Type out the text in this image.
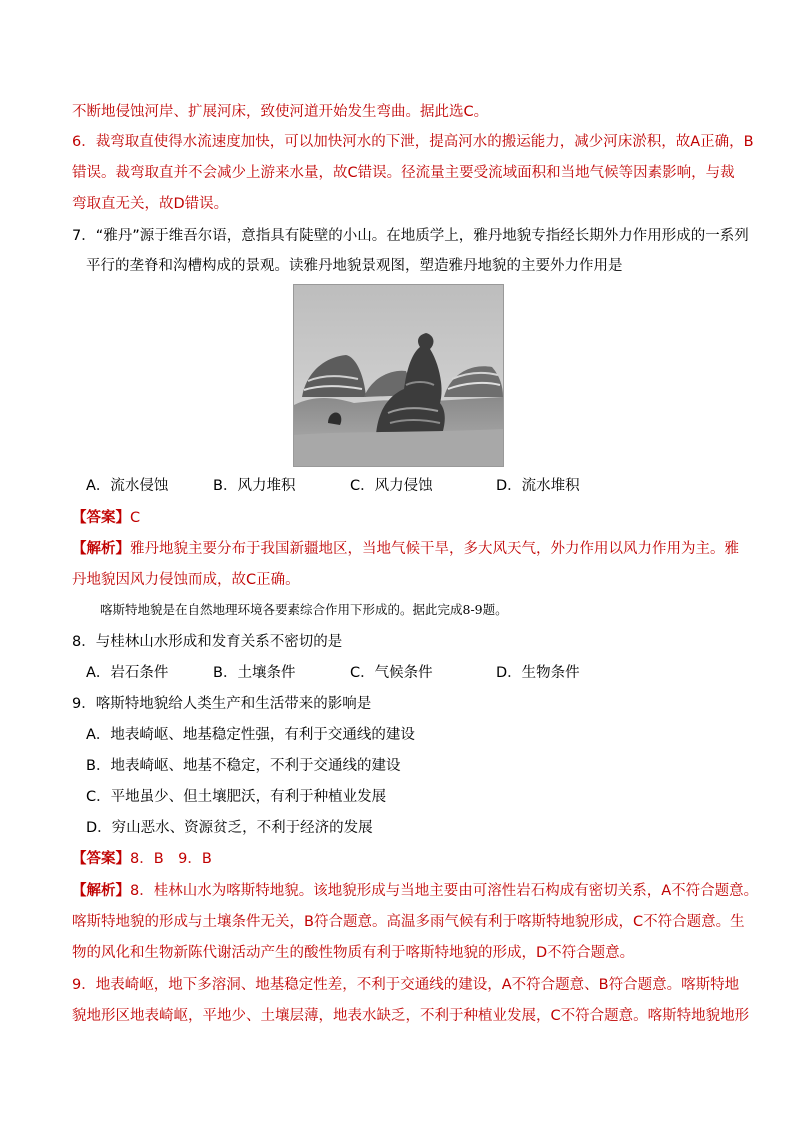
不断地侵蚀河岸、扩展河床，致使河道开始发生弯曲。据此选C。
6．裁弯取直使得水流速度加快，可以加快河水的下泄，提高河水的搬运能力，减少河床淤积，故A正确，B
错误。裁弯取直并不会减少上游来水量，故C错误。径流量主要受流域面积和当地气候等因素影响，与裁
弯取直无关，故D错误。
7．“雅丹”源于维吾尔语，意指具有陡壁的小山。在地质学上，雅丹地貌专指经长期外力作用形成的一系列
平行的垄脊和沟槽构成的景观。读雅丹地貌景观图，塑造雅丹地貌的主要外力作用是
A．流水侵蚀	B．风力堆积	C．风力侵蚀	D．流水堆积
【答案】C
【解析】雅丹地貌主要分布于我国新疆地区，当地气候干旱，多大风天气，外力作用以风力作用为主。雅
丹地貌因风力侵蚀而成，故C正确。
喀斯特地貌是在自然地理环境各要素综合作用下形成的。据此完成8-9题。
8．与桂林山水形成和发育关系不密切的是
A．岩石条件	B．土壤条件	C．气候条件	D．生物条件
9．喀斯特地貌给人类生产和生活带来的影响是
A．地表崎岖、地基稳定性强，有利于交通线的建设
B．地表崎岖、地基不稳定，不利于交通线的建设
C．平地虽少、但土壤肥沃，有利于种植业发展
D．穷山恶水、资源贫乏，不利于经济的发展
【答案】8．B　9．B
【解析】8．桂林山水为喀斯特地貌。该地貌形成与当地主要由可溶性岩石构成有密切关系，A不符合题意。
喀斯特地貌的形成与土壤条件无关，B符合题意。高温多雨气候有利于喀斯特地貌形成，C不符合题意。生
物的风化和生物新陈代谢活动产生的酸性物质有利于喀斯特地貌的形成，D不符合题意。
9．地表崎岖，地下多溶洞、地基稳定性差，不利于交通线的建设，A不符合题意、B符合题意。喀斯特地
貌地形区地表崎岖，平地少、土壤层薄，地表水缺乏，不利于种植业发展，C不符合题意。喀斯特地貌地形
